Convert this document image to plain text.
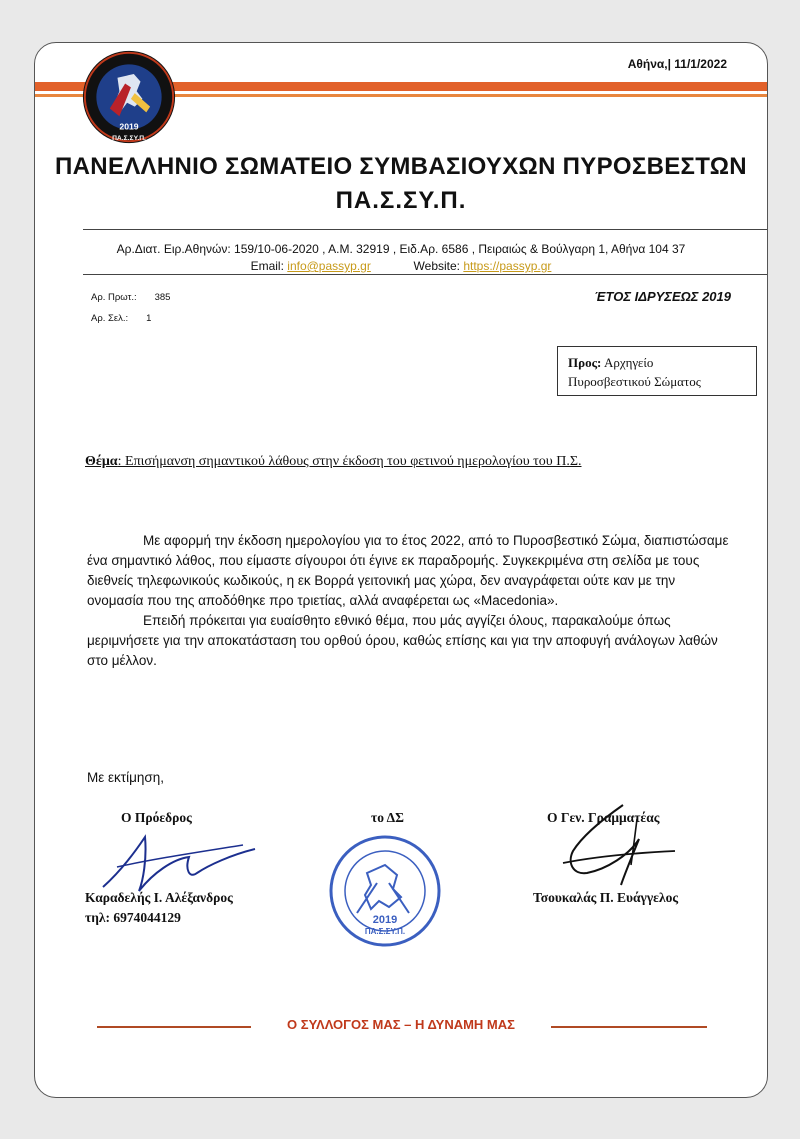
2019
ΠΑ.Σ.ΣΥ.Π.
Αθήνα,| 11/1/2022
ΠΑΝΕΛΛΗΝΙΟ ΣΩΜΑΤΕΙΟ ΣΥΜΒΑΣΙΟΥΧΩΝ ΠΥΡΟΣΒΕΣΤΩΝ
ΠΑ.Σ.ΣΥ.Π.
Αρ.Διατ. Ειρ.Αθηνών: 159/10-06-2020 , Α.Μ. 32919 , Ειδ.Αρ. 6586 , Πειραιώς & Βούλγαρη 1, Αθήνα 104 37
Email: info@passyp.gr	Website: https://passyp.gr
Αρ. Πρωτ.: 385
Αρ. Σελ.: 1
ΈΤΟΣ ΙΔΡΥΣΕΩΣ 2019
Προς: Αρχηγείο
Πυροσβεστικού Σώματος
Θέμα: Επισήμανση σημαντικού λάθους στην έκδοση του φετινού ημερολογίου του Π.Σ.

Με αφορμή την έκδοση ημερολογίου για το έτος 2022, από το Πυροσβεστικό Σώμα, διαπιστώσαμε ένα σημαντικό λάθος, που είμαστε σίγουροι ότι έγινε εκ παραδρομής. Συγκεκριμένα στη σελίδα με τους διεθνείς τηλεφωνικούς κωδικούς, η εκ Βορρά γειτονική μας χώρα, δεν αναγράφεται ούτε καν με την ονομασία που της αποδόθηκε προ τριετίας, αλλά αναφέρεται ως «Macedonia».

Επειδή πρόκειται για ευαίσθητο εθνικό θέμα, που μάς αγγίζει όλους, παρακαλούμε όπως μεριμνήσετε για την αποκατάσταση του ορθού όρου, καθώς επίσης και για την αποφυγή ανάλογων λαθών στο μέλλον.

Με εκτίμηση,
Ο Πρόεδρος
Καραδελής Ι. Αλέξανδρος
τηλ: 6974044129
το ΔΣ
2019
ΠΑ.Σ.ΣΥ.Π.
Ο Γεν. Γραμματέας
Τσουκαλάς Π. Ευάγγελος
Ο ΣΥΛΛΟΓΟΣ ΜΑΣ – Η ΔΥΝΑΜΗ ΜΑΣ
